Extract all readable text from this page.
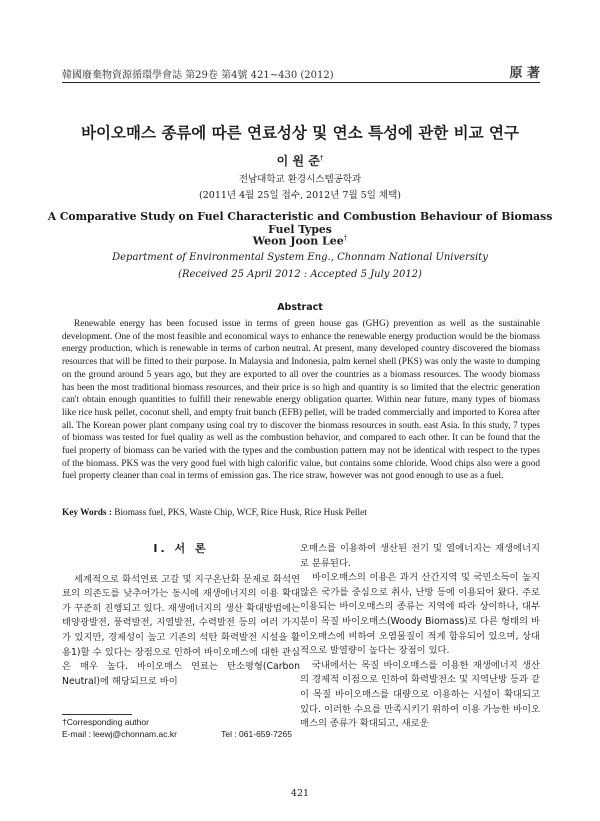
韓國廢棄物資源循環學會誌 第29卷 第4號 421~430 (2012)	原 著
바이오매스 종류에 따른 연료성상 및 연소 특성에 관한 비교 연구
이 원 준†
전남대학교 환경시스템공학과
(2011년 4월 25일 접수, 2012년 7월 5일 채택)
A Comparative Study on Fuel Characteristic and Combustion Behaviour of Biomass Fuel Types
Weon Joon Lee†
Department of Environmental System Eng., Chonnam National University
(Received 25 April 2012 : Accepted 5 July 2012)
Abstract

Renewable energy has been focused issue in terms of green house gas (GHG) prevention as well as the sustainable development. One of the most feasible and economical ways to enhance the renewable energy production would be the biomass energy production, which is renewable in terms of carbon neutral. At present, many developed country discovered the biomass resources that will be fitted to their purpose. In Malaysia and Indonesia, palm kernel shell (PKS) was only the waste to dumping on the ground around 5 years ago, but they are exported to all over the countries as a biomass resources. The woody biomass has been the most traditional biomass resources, and their price is so high and quantity is so limited that the electric generation can't obtain enough quantities to fulfill their renewable energy obligation quarter. Within near future, many types of biomass like rice husk pellet, coconut shell, and empty fruit bunch (EFB) pellet, will be traded commercially and imported to Korea after all. The Korean power plant company using coal try to discover the biomass resources in south. east Asia. In this study, 7 types of biomass was tested for fuel quality as well as the combustion behavior, and compared to each other. It can be found that the fuel property of biomass can be varied with the types and the combustion pattern may not be identical with respect to the types of the biomass. PKS was the very good fuel with high calorific value, but contains some chloride. Wood chips also were a good fuel property cleaner than coal in terms of emission gas. The rice straw, however was not good enough to use as a fuel.

Key Words : Biomass fuel, PKS, Waste Chip, WCF, Rice Husk, Rice Husk Pellet
I. 서 론

세계적으로 화석연료 고갈 및 지구온난화 문제로 화석연료의 의존도를 낮추어가는 동시에 재생에너지의 이용 확대가 꾸준히 진행되고 있다. 재생에너지의 생산 확대방법에는 태양광발전, 풍력발전, 지열발전, 수력발전 등의 여러 가지가 있지만, 경제성이 높고 기존의 석탄 화력발전 시설을 활용1)할 수 있다는 장점으로 인하여 바이오매스에 대한 관심은 매우 높다. 바이오매스 연료는 탄소평형(Carbon Neutral)에 해당되므로 바이

오매스를 이용하여 생산된 전기 및 열에너지는 재생에너지로 분류된다.

바이오매스의 이용은 과거 산간지역 및 국민소득이 높지 않은 국가를 중심으로 취사, 난방 등에 이용되어 왔다. 주로 이용되는 바이오매스의 종류는 지역에 따라 상이하나, 대부분이 목질 바이오매스(Woody Biomass)로 다른 형태의 바이오매스에 비하여 오염물질이 적게 함유되어 있으며, 상대적으로 발열량이 높다는 장점이 있다.

국내에서는 목질 바이오매스를 이용한 재생에너지 생산의 경제적 이점으로 인하여 화력발전소 및 지역난방 등과 같이 목질 바이오매스를 대량으로 이용하는 시설이 확대되고 있다. 이러한 수요를 만족시키기 위하여 이용 가능한 바이오매스의 종류가 확대되고, 새로운

†Corresponding author
E-mail : leewj@chonnam.ac.kr	Tel : 061-659-7265
421
